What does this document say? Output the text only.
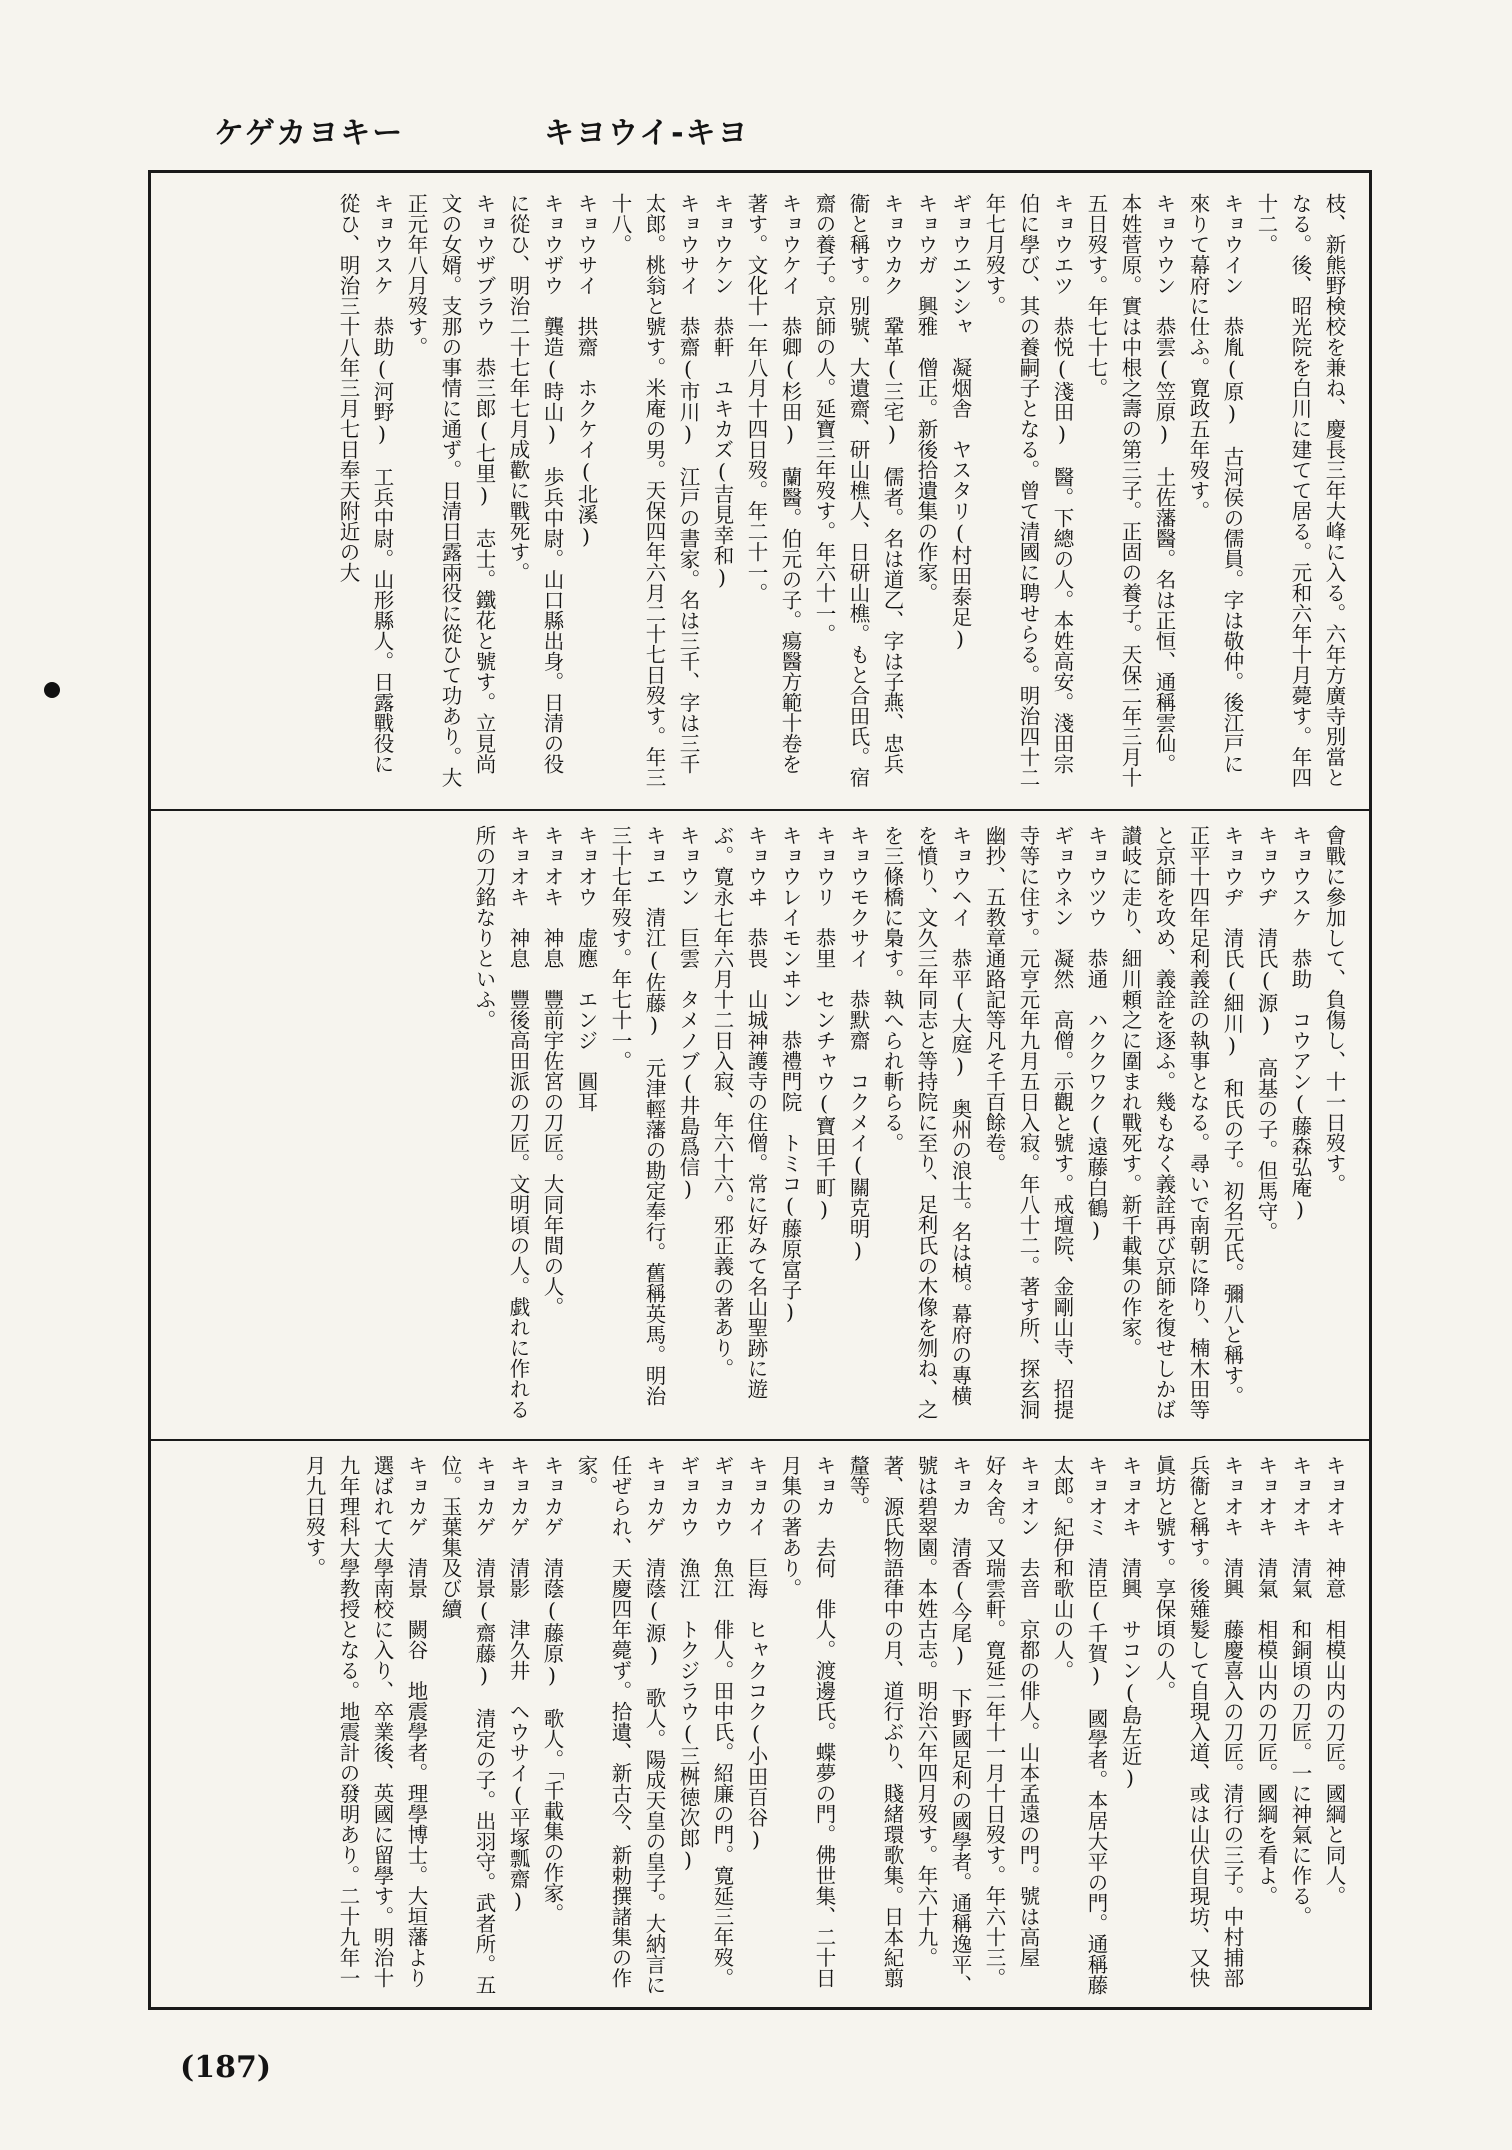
ケゲカヨキー	キヨウイ-キヨ
枝、新熊野検校を兼ね、慶長三年大峰に入る。六年方廣寺別當となる。後、昭光院を白川に建てて居る。元和六年十月薨す。年四十二。
キョウイン　恭胤(原)　古河侯の儒員。字は敬仲。後江戸に來りて幕府に仕ふ。寛政五年歿す。
キョウウン　恭雲(笠原)　土佐藩醫。名は正恒、通稱雲仙。本姓菅原。實は中根之壽の第三子。正固の養子。天保二年三月十五日歿す。年七十七。
キョウエツ　恭悦(淺田)　醫。下總の人。本姓高安。淺田宗伯に學び、其の養嗣子となる。曾て清國に聘せらる。明治四十二年七月歿す。
ギョウエンシャ　凝烟舎　ヤスタリ(村田泰足)
キョウガ　興雅　僧正。新後拾遺集の作家。
キョウカク　鞏革(三宅)　儒者。名は道乙、字は子燕、忠兵衞と稱す。別號、大遺齋、研山樵人、日研山樵。もと合田氏。宿齋の養子。京師の人。延寶三年歿す。年六十一。
キョウケイ　恭卿(杉田)　蘭醫。伯元の子。瘍醫方範十卷を著す。文化十一年八月十四日歿。年二十一。
キョウケン　恭軒　ユキカズ(吉見幸和)
キョウサイ　恭齋(市川)　江戸の書家。名は三千、字は三千太郎。桃翁と號す。米庵の男。天保四年六月二十七日歿す。年三十八。
キョウサイ　拱齋　ホクケイ(北溪)
キョウザウ　龔造(時山)　歩兵中尉。山口縣出身。日清の役に從ひ、明治二十七年七月成歡に戰死す。
キョウザブラウ　恭三郎(七里)　志士。鐵花と號す。立見尚文の女婿。支那の事情に通ず。日清日露兩役に從ひて功あり。大正元年八月歿す。
キョウスケ　恭助(河野)　工兵中尉。山形縣人。日露戰役に從ひ、明治三十八年三月七日奉天附近の大
會戰に參加して、負傷し、十一日歿す。
キョウスケ　恭助　コウアン(藤森弘庵)
キョウヂ　清氏(源)　高基の子。但馬守。
キョウヂ　清氏(細川)　和氏の子。初名元氏。彌八と稱す。正平十四年足利義詮の執事となる。尋いで南朝に降り、楠木田等と京師を攻め、義詮を逐ふ。幾もなく義詮再び京師を復せしかば讃岐に走り、細川頼之に圍まれ戰死す。新千載集の作家。
キョウツウ　恭通　ハククワク(遠藤白鶴)
ギョウネン　凝然　高僧。示觀と號す。戒壇院、金剛山寺、招提寺等に住す。元亨元年九月五日入寂。年八十二。著す所、探玄洞幽抄、五教章通路記等凡そ千百餘卷。
キョウヘイ　恭平(大庭)　奥州の浪士。名は楨。幕府の專横を憤り、文久三年同志と等持院に至り、足利氏の木像を刎ね、之を三條橋に梟す。執へられ斬らる。
キョウモクサイ　恭默齋　コクメイ(關克明)
キョウリ　恭里　センチャウ(寶田千町)
キョウレイモンヰン　恭禮門院　トミコ(藤原富子)
キョウヰ　恭畏　山城神護寺の住僧。常に好みて名山聖跡に遊ぶ。寛永七年六月十二日入寂、年六十六。邪正義の著あり。
キョウン　巨雲　タメノブ(井島爲信)
キョエ　清江(佐藤)　元津輕藩の勘定奉行。舊稱英馬。明治三十七年歿す。年七十一。
キョオウ　虚應　エンジ　圓耳
キョオキ　神息　豐前宇佐宮の刀匠。大同年間の人。
キョオキ　神息　豐後高田派の刀匠。文明頃の人。戯れに作れる所の刀銘なりといふ。
キョオキ　神意　相模山内の刀匠。國綱と同人。
キョオキ　清氣　和銅頃の刀匠。一に神氣に作る。
キョオキ　清氣　相模山内の刀匠。國綱を看よ。
キョオキ　清興　藤慶喜入の刀匠。清行の三子。中村捕部兵衞と稱す。後薙髮して自現入道、或は山伏自現坊、又快眞坊と號す。享保頃の人。
キョオキ　清興　サコン(島左近)
キョオミ　清臣(千賀)　國學者。本居大平の門。通稱藤太郎。紀伊和歌山の人。
キョオン　去音　京都の俳人。山本孟遠の門。號は高屋好々舍。又瑞雲軒。寛延二年十一月十日歿す。年六十三。
キョカ　清香(今尾)　下野國足利の國學者。通稱逸平、號は碧翠園。本姓古志。明治六年四月歿す。年六十九。著、源氏物語葎中の月、道行ぶり、賤緒環歌集。日本紀翦釐等。
キョカ　去何　俳人。渡邊氏。蝶夢の門。佛世集、二十日月集の著あり。
キョカイ　巨海　ヒャクコク(小田百谷)
ギョカウ　魚江　俳人。田中氏。紹廉の門。寛延三年歿。
ギョカウ　漁江　トクジラウ(三桝徳次郎)
キョカゲ　清蔭(源)　歌人。陽成天皇の皇子。大納言に任ぜられ、天慶四年薨ず。拾遺、新古今、新勅撰諸集の作家。
キョカゲ　清蔭(藤原)　歌人。「千載集の作家。
キョカゲ　清影　津久井　ヘウサイ(平塚瓢齋)
キョカゲ　清景(齋藤)　清定の子。出羽守。武者所。五位。玉葉集及び續
キョカゲ　清景　闕谷　地震學者。理學博士。大垣藩より選ばれて大學南校に入り、卒業後、英國に留學す。明治十九年理科大學教授となる。地震計の發明あり。二十九年一月九日歿す。
(187)
